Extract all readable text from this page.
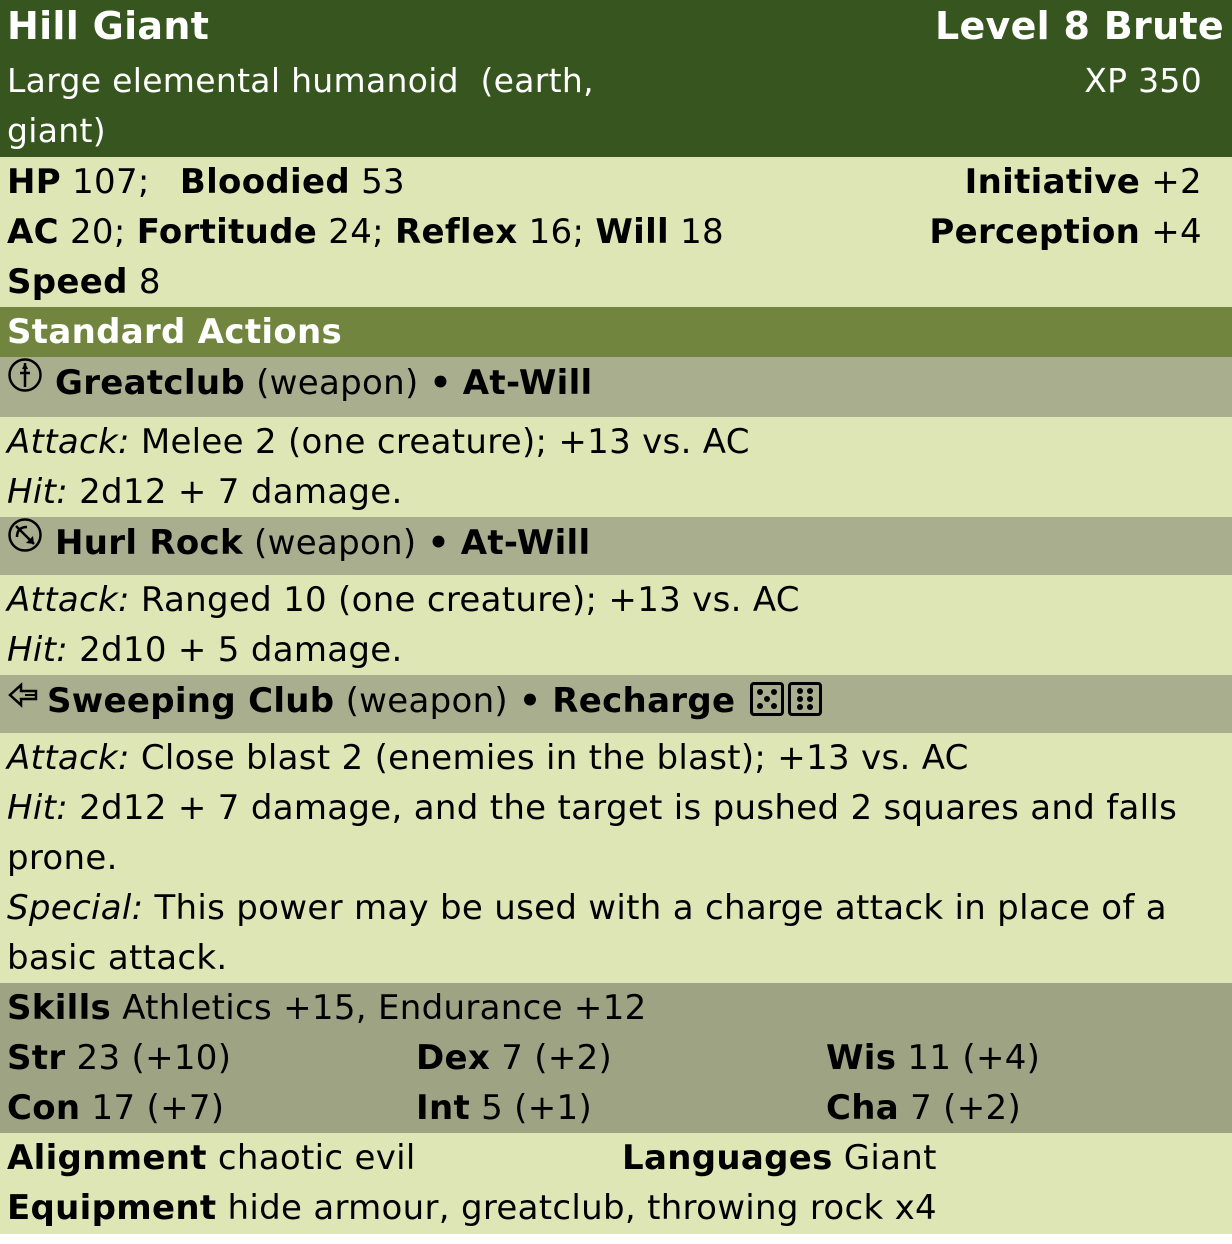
Hill Giant	Level 8 Brute
Large elemental humanoid  (earth,
giant)
XP 350
HP 107; Bloodied 53	Initiative +2
AC 20; Fortitude 24; Reflex 16; Will 18	Perception +4
Speed 8
Standard Actions
Greatclub (weapon) • At-Will
Attack: Melee 2 (one creature); +13 vs. AC
Hit: 2d12 + 7 damage.
Hurl Rock (weapon) • At-Will
Attack: Ranged 10 (one creature); +13 vs. AC
Hit: 2d10 + 5 damage.
Sweeping Club (weapon) • Recharge
Attack: Close blast 2 (enemies in the blast); +13 vs. AC
Hit: 2d12 + 7 damage, and the target is pushed 2 squares and falls
prone.
Special: This power may be used with a charge attack in place of a
basic attack.
Skills Athletics +15, Endurance +12
Str 23 (+10)	Dex 7 (+2)	Wis 11 (+4)
Con 17 (+7)	Int 5 (+1)	Cha 7 (+2)
Alignment chaotic evil	Languages Giant
Equipment hide armour, greatclub, throwing rock x4
